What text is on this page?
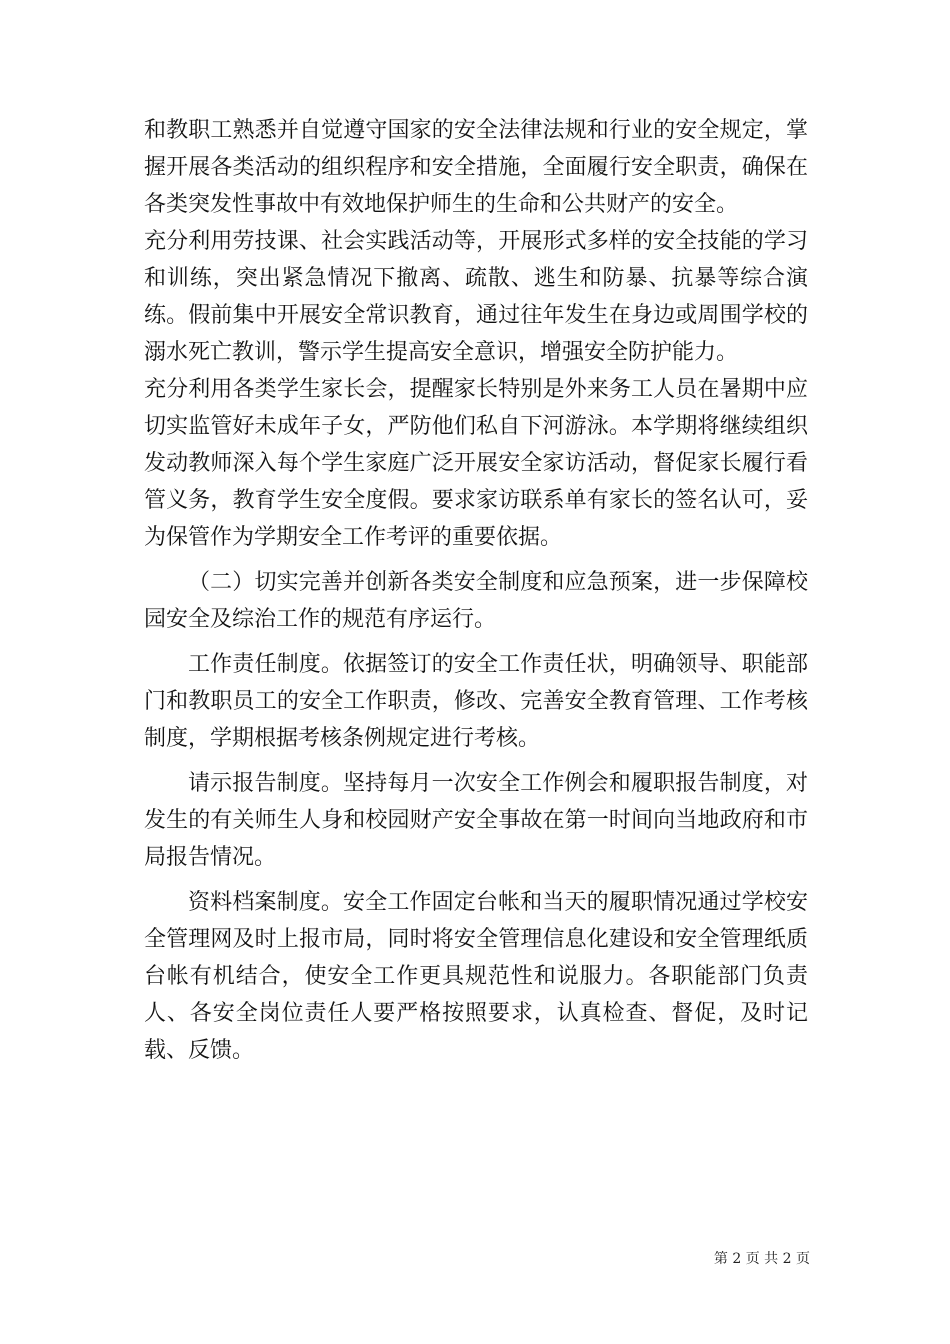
和教职工熟悉并自觉遵守国家的安全法律法规和行业的安全规定，掌握开展各类活动的组织程序和安全措施，全面履行安全职责，确保在各类突发性事故中有效地保护师生的生命和公共财产的安全。

充分利用劳技课、社会实践活动等，开展形式多样的安全技能的学习和训练，突出紧急情况下撤离、疏散、逃生和防暴、抗暴等综合演练。假前集中开展安全常识教育，通过往年发生在身边或周围学校的溺水死亡教训，警示学生提高安全意识，增强安全防护能力。

充分利用各类学生家长会，提醒家长特别是外来务工人员在暑期中应切实监管好未成年子女，严防他们私自下河游泳。本学期将继续组织发动教师深入每个学生家庭广泛开展安全家访活动，督促家长履行看管义务，教育学生安全度假。要求家访联系单有家长的签名认可，妥为保管作为学期安全工作考评的重要依据。

（二）切实完善并创新各类安全制度和应急预案，进一步保障校园安全及综治工作的规范有序运行。

工作责任制度。依据签订的安全工作责任状，明确领导、职能部门和教职员工的安全工作职责，修改、完善安全教育管理、工作考核制度，学期根据考核条例规定进行考核。

请示报告制度。坚持每月一次安全工作例会和履职报告制度，对发生的有关师生人身和校园财产安全事故在第一时间向当地政府和市局报告情况。

资料档案制度。安全工作固定台帐和当天的履职情况通过学校安全管理网及时上报市局，同时将安全管理信息化建设和安全管理纸质台帐有机结合，使安全工作更具规范性和说服力。各职能部门负责人、各安全岗位责任人要严格按照要求，认真检查、督促，及时记载、反馈。

第 2 页 共 2 页
